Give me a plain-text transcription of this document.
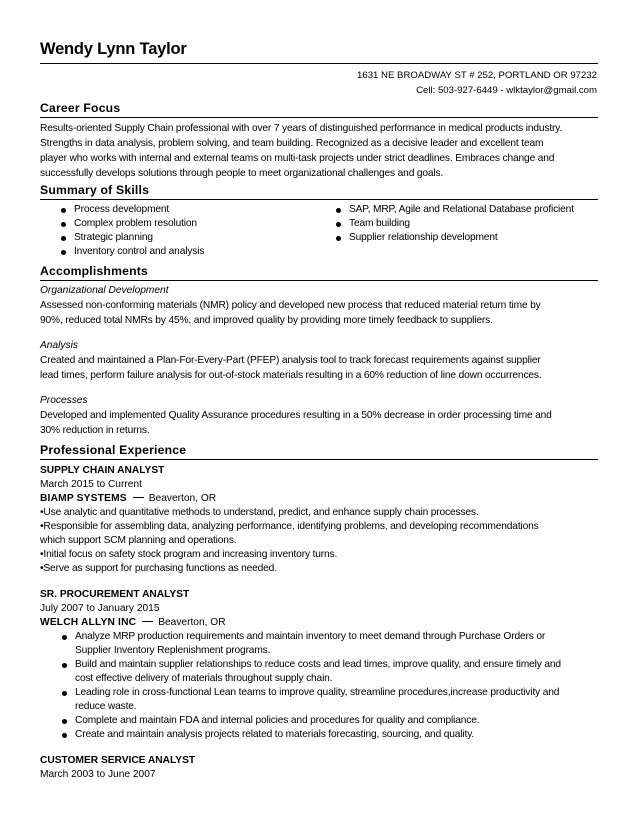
Wendy Lynn Taylor
1631 NE BROADWAY ST # 252, PORTLAND OR 97232
Cell: 503-927-6449 - wlktaylor@gmail.com
Career Focus

Results-oriented Supply Chain professional with over 7 years of distinguished performance in medical products industry.

Strengths in data analysis, problem solving, and team building. Recognized as a decisive leader and excellent team

player who works with internal and external teams on multi-task projects under strict deadlines. Embraces change and

successfully develops solutions through people to meet organizational challenges and goals.

Summary of Skills
Process development
Complex problem resolution
Strategic planning
Inventory control and analysis
SAP, MRP, Agile and Relational Database proficient
Team building
Supplier relationship development
Accomplishments
Organizational Development
Assessed non-conforming materials (NMR) policy and developed new process that reduced material return time by
90%, reduced total NMRs by 45%, and improved quality by providing more timely feedback to suppliers.
Analysis
Created and maintained a Plan-For-Every-Part (PFEP) analysis tool to track forecast requirements against supplier
lead times, perform failure analysis for out-of-stock materials resulting in a 60% reduction of line down occurrences.
Processes
Developed and implemented Quality Assurance procedures resulting in a 50% decrease in order processing time and
30% reduction in returns.
Professional Experience
SUPPLY CHAIN ANALYST
March 2015 to Current
BIAMP SYSTEMS Beaverton, OR
•Use analytic and quantitative methods to understand, predict, and enhance supply chain processes.
•Responsible for assembling data, analyzing performance, identifying problems, and developing recommendations
which support SCM planning and operations.
•Initial focus on safety stock program and increasing inventory turns.
•Serve as support for purchasing functions as needed.
SR. PROCUREMENT ANALYST
July 2007 to January 2015
WELCH ALLYN INC Beaverton, OR
Analyze MRP production requirements and maintain inventory to meet demand through Purchase Orders or
Supplier Inventory Replenishment programs.
Build and maintain supplier relationships to reduce costs and lead times, improve quality, and ensure timely and
cost effective delivery of materials throughout supply chain.
Leading role in cross-functional Lean teams to improve quality, streamline procedures,increase productivity and
reduce waste.
Complete and maintain FDA and internal policies and procedures for quality and compliance.
Create and maintain analysis projects related to materials forecasting, sourcing, and quality.
CUSTOMER SERVICE ANALYST
March 2003 to June 2007
